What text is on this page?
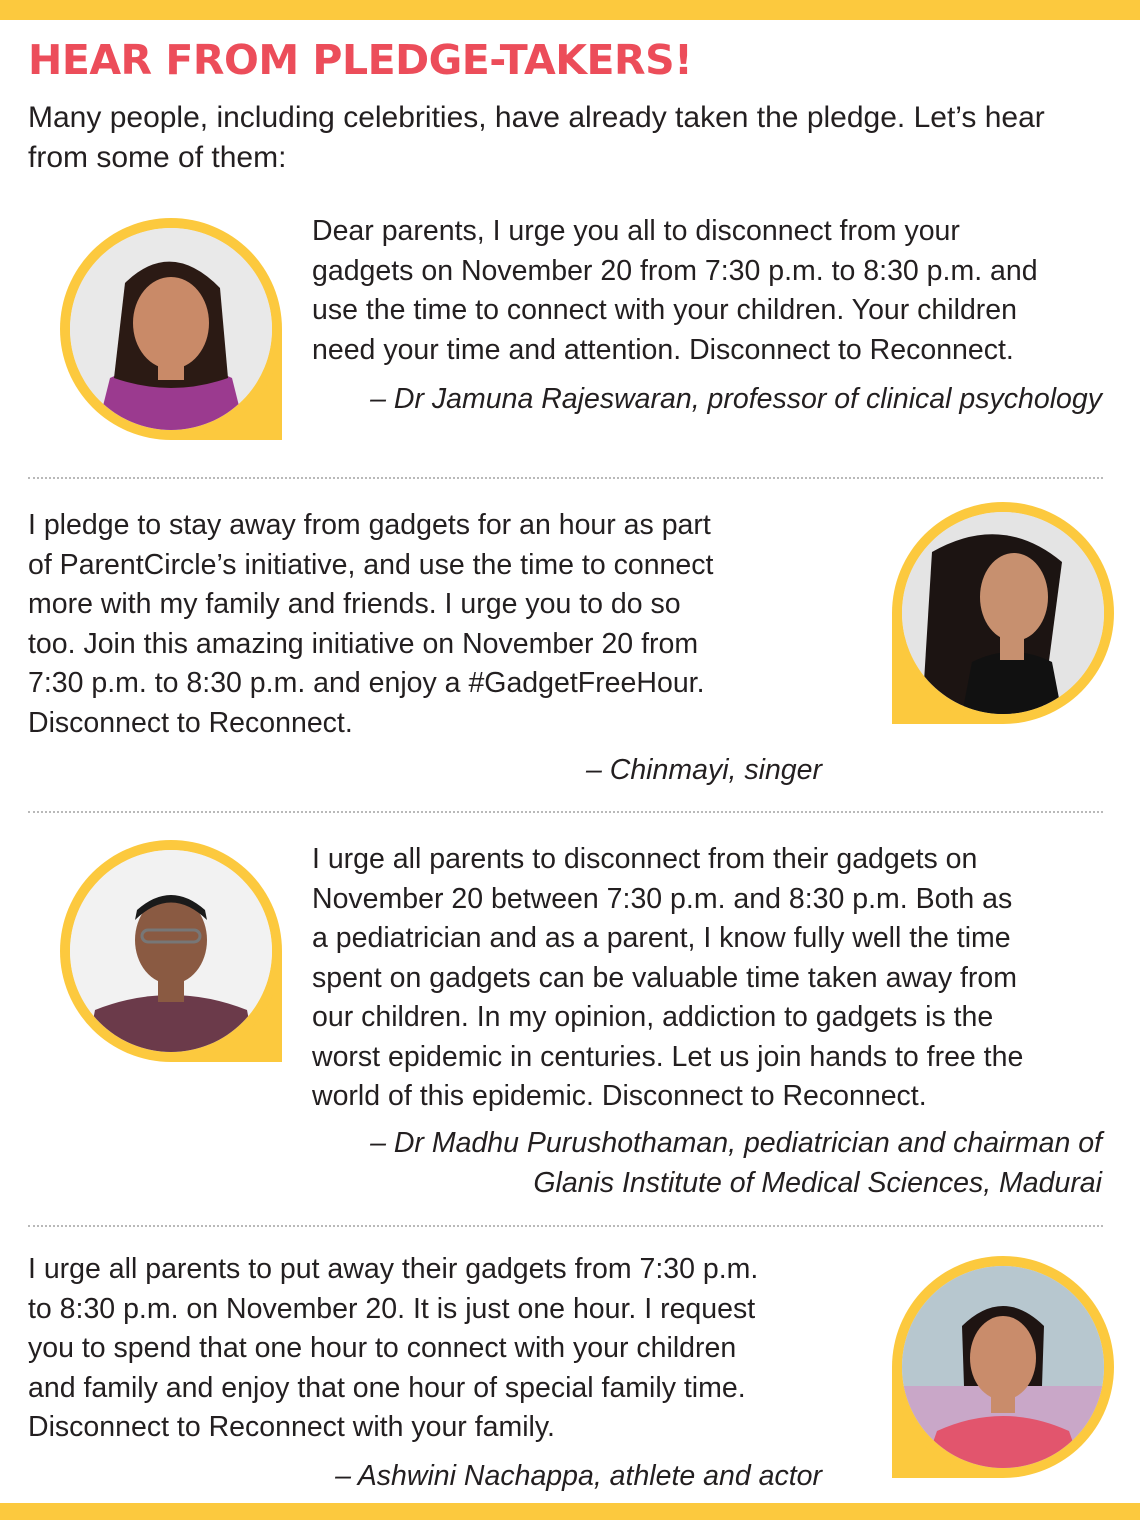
HEAR FROM PLEDGE-TAKERS!

Many people, including celebrities, have already taken the pledge. Let’s hear from some of them:

Dear parents, I urge you all to disconnect from your
gadgets on November 20 from 7:30 p.m. to 8:30 p.m. and
use the time to connect with your children. Your children
need your time and attention. Disconnect to Reconnect.
– Dr Jamuna Rajeswaran, professor of clinical psychology
I pledge to stay away from gadgets for an hour as part
of ParentCircle’s initiative, and use the time to connect
more with my family and friends. I urge you to do so
too. Join this amazing initiative on November 20 from
7:30 p.m. to 8:30 p.m. and enjoy a #GadgetFreeHour.
Disconnect to Reconnect.
– Chinmayi, singer
I urge all parents to disconnect from their gadgets on
November 20 between 7:30 p.m. and 8:30 p.m. Both as
a pediatrician and as a parent, I know fully well the time
spent on gadgets can be valuable time taken away from
our children. In my opinion, addiction to gadgets is the
worst epidemic in centuries. Let us join hands to free the
world of this epidemic. Disconnect to Reconnect.
– Dr Madhu Purushothaman, pediatrician and chairman of
Glanis Institute of Medical Sciences, Madurai
I urge all parents to put away their gadgets from 7:30 p.m.
to 8:30 p.m. on November 20. It is just one hour. I request
you to spend that one hour to connect with your children
and family and enjoy that one hour of special family time.
Disconnect to Reconnect with your family.
– Ashwini Nachappa, athlete and actor
